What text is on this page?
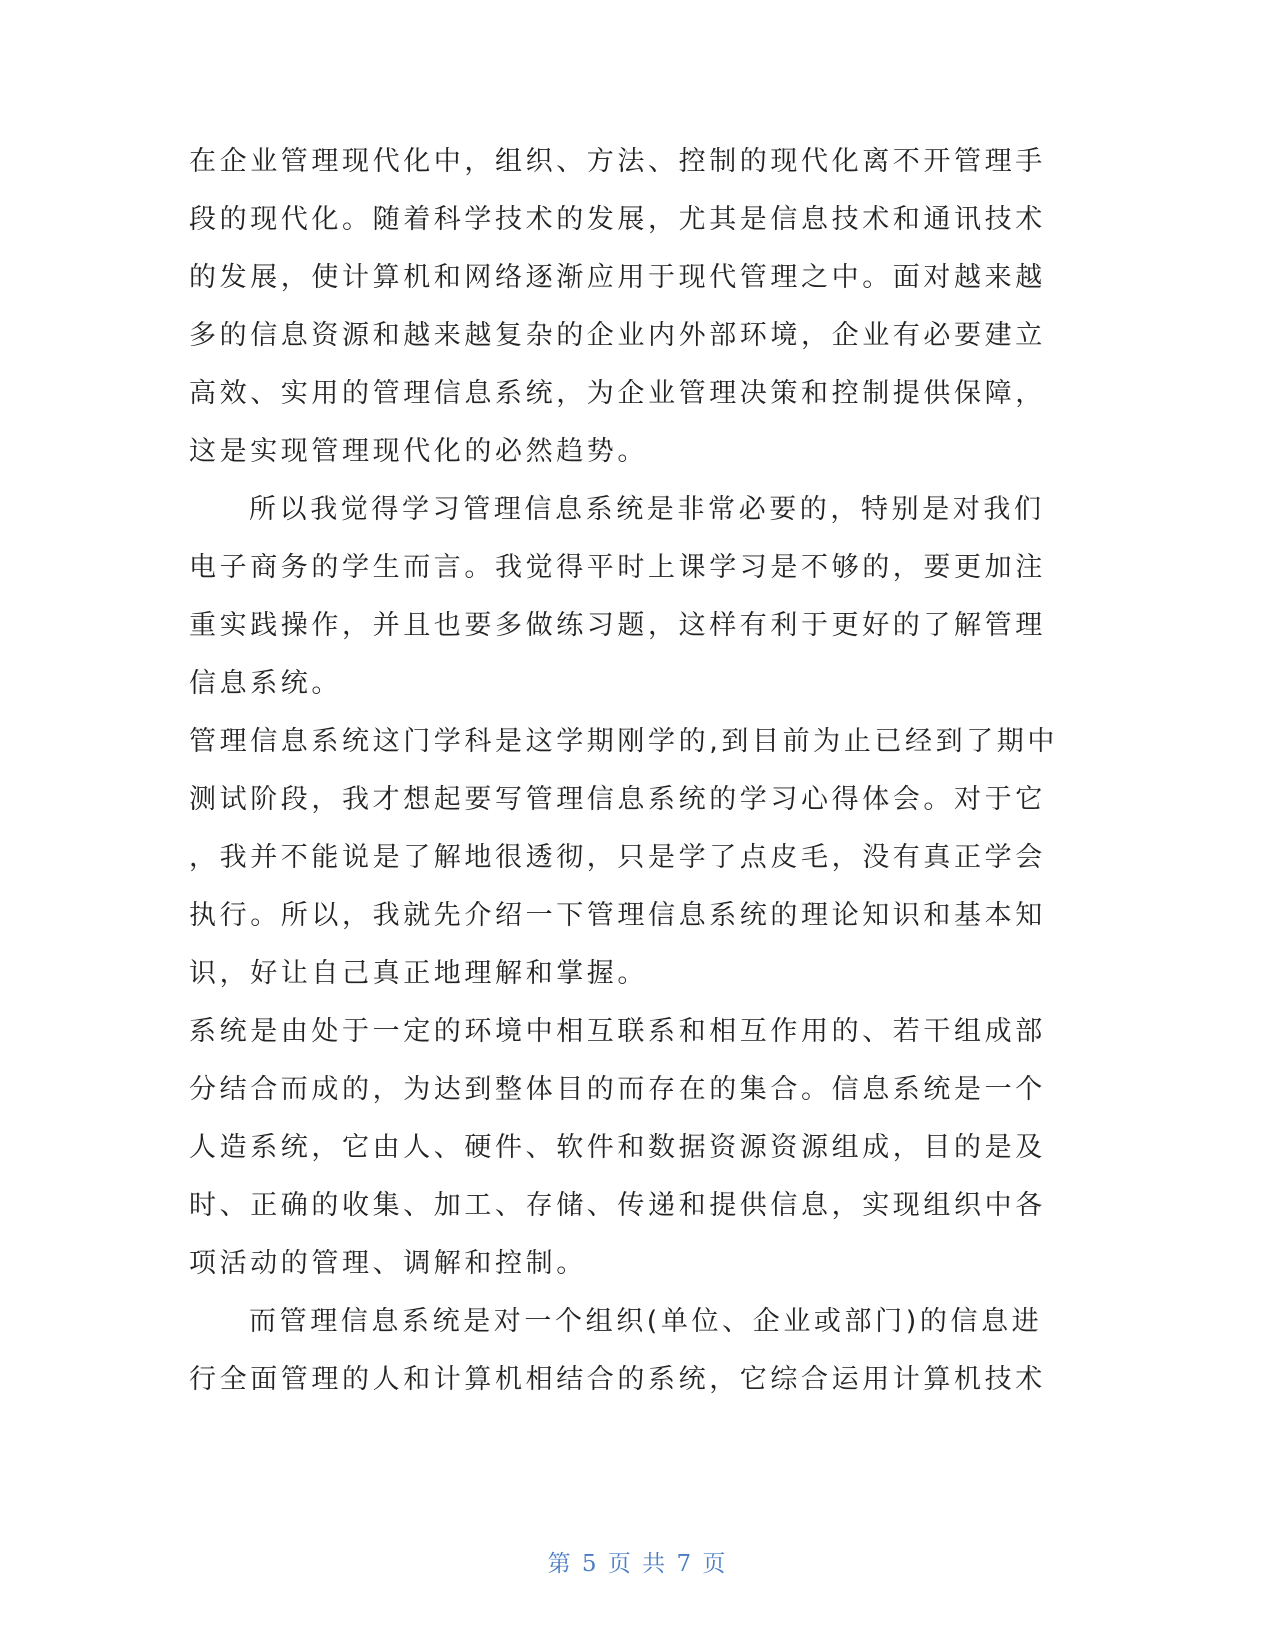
在企业管理现代化中，组织、方法、控制的现代化离不开管理手
段的现代化。随着科学技术的发展，尤其是信息技术和通讯技术
的发展，使计算机和网络逐渐应用于现代管理之中。面对越来越
多的信息资源和越来越复杂的企业内外部环境，企业有必要建立
高效、实用的管理信息系统，为企业管理决策和控制提供保障，
这是实现管理现代化的必然趋势。
所以我觉得学习管理信息系统是非常必要的，特别是对我们
电子商务的学生而言。我觉得平时上课学习是不够的，要更加注
重实践操作，并且也要多做练习题，这样有利于更好的了解管理
信息系统。
管理信息系统这门学科是这学期刚学的,到目前为止已经到了期中
测试阶段，我才想起要写管理信息系统的学习心得体会。对于它
，我并不能说是了解地很透彻，只是学了点皮毛，没有真正学会
执行。所以，我就先介绍一下管理信息系统的理论知识和基本知
识，好让自己真正地理解和掌握。
系统是由处于一定的环境中相互联系和相互作用的、若干组成部
分结合而成的，为达到整体目的而存在的集合。信息系统是一个
人造系统，它由人、硬件、软件和数据资源资源组成，目的是及
时、正确的收集、加工、存储、传递和提供信息，实现组织中各
项活动的管理、调解和控制。
而管理信息系统是对一个组织(单位、企业或部门)的信息进
行全面管理的人和计算机相结合的系统，它综合运用计算机技术
第 5 页 共 7 页
